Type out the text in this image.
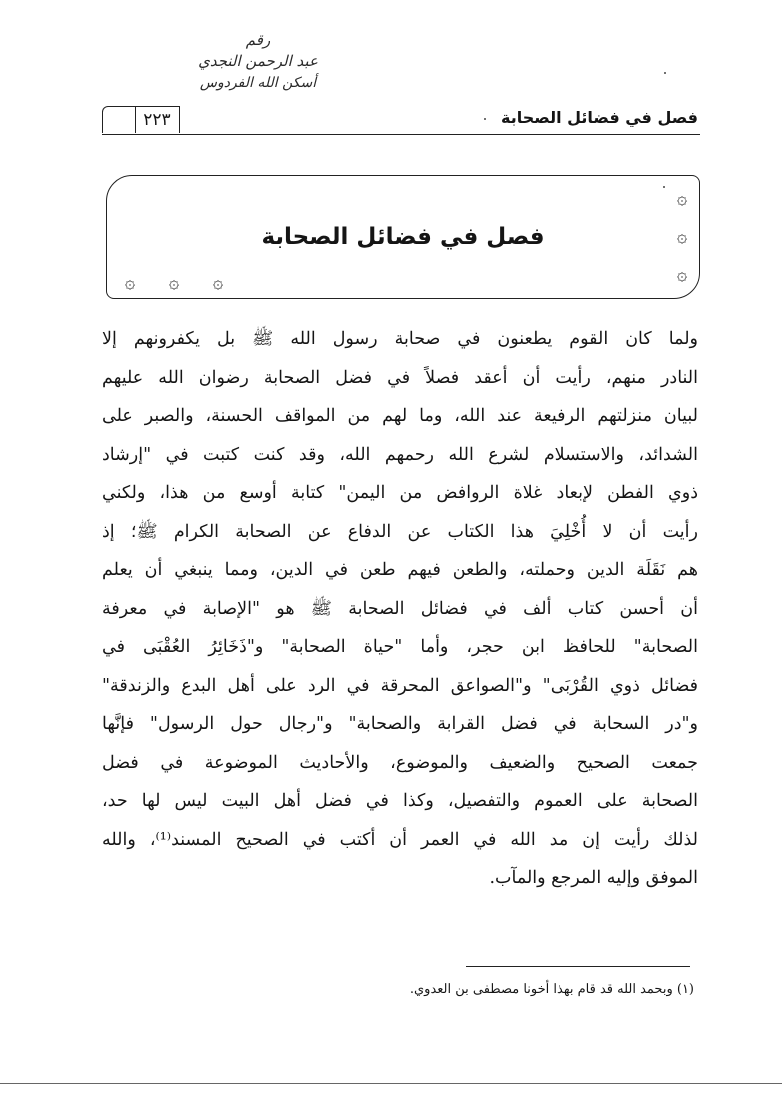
رقم
عبد الرحمن النجدي
أسكن الله الفردوس
٢٢٣	فصل في فضائل الصحابة
۞
۞
۞
۞ ۞ ۞
فصل في فضائل الصحابة
ولما كان القوم يطعنون في صحابة رسول الله ﷺ بل يكفرونهم إلا
النادر منهم، رأيت أن أعقد فصلاً في فضل الصحابة رضوان الله عليهم
لبيان منزلتهم الرفيعة عند الله، وما لهم من المواقف الحسنة، والصبر على
الشدائد، والاستسلام لشرع الله رحمهم الله، وقد كنت كتبت في "إرشاد
ذوي الفطن لإبعاد غلاة الروافض من اليمن" كتابة أوسع من هذا، ولكني
رأيت أن لا أُخْلِيَ هذا الكتاب عن الدفاع عن الصحابة الكرام ﷺ؛ إذ
هم نَقَلَة الدين وحملته، والطعن فيهم طعن في الدين، ومما ينبغي أن يعلم
أن أحسن كتاب ألف في فضائل الصحابة ﷺ هو "الإصابة في معرفة
الصحابة" للحافظ ابن حجر، وأما "حياة الصحابة" و"ذَخَائِرُ العُقْبَى في
فضائل ذوي القُرْبَى" و"الصواعق المحرقة في الرد على أهل البدع والزندقة"
و"در السحابة في فضل القرابة والصحابة" و"رجال حول الرسول" فإنَّها
جمعت الصحيح والضعيف والموضوع، والأحاديث الموضوعة في فضل
الصحابة على العموم والتفصيل، وكذا في فضل أهل البيت ليس لها حد،
لذلك رأيت إن مد الله في العمر أن أكتب في الصحيح المسند⁽¹⁾، والله
الموفق وإليه المرجع والمآب.
(١) وبحمد الله قد قام بهذا أخونا مصطفى بن العدوي.
